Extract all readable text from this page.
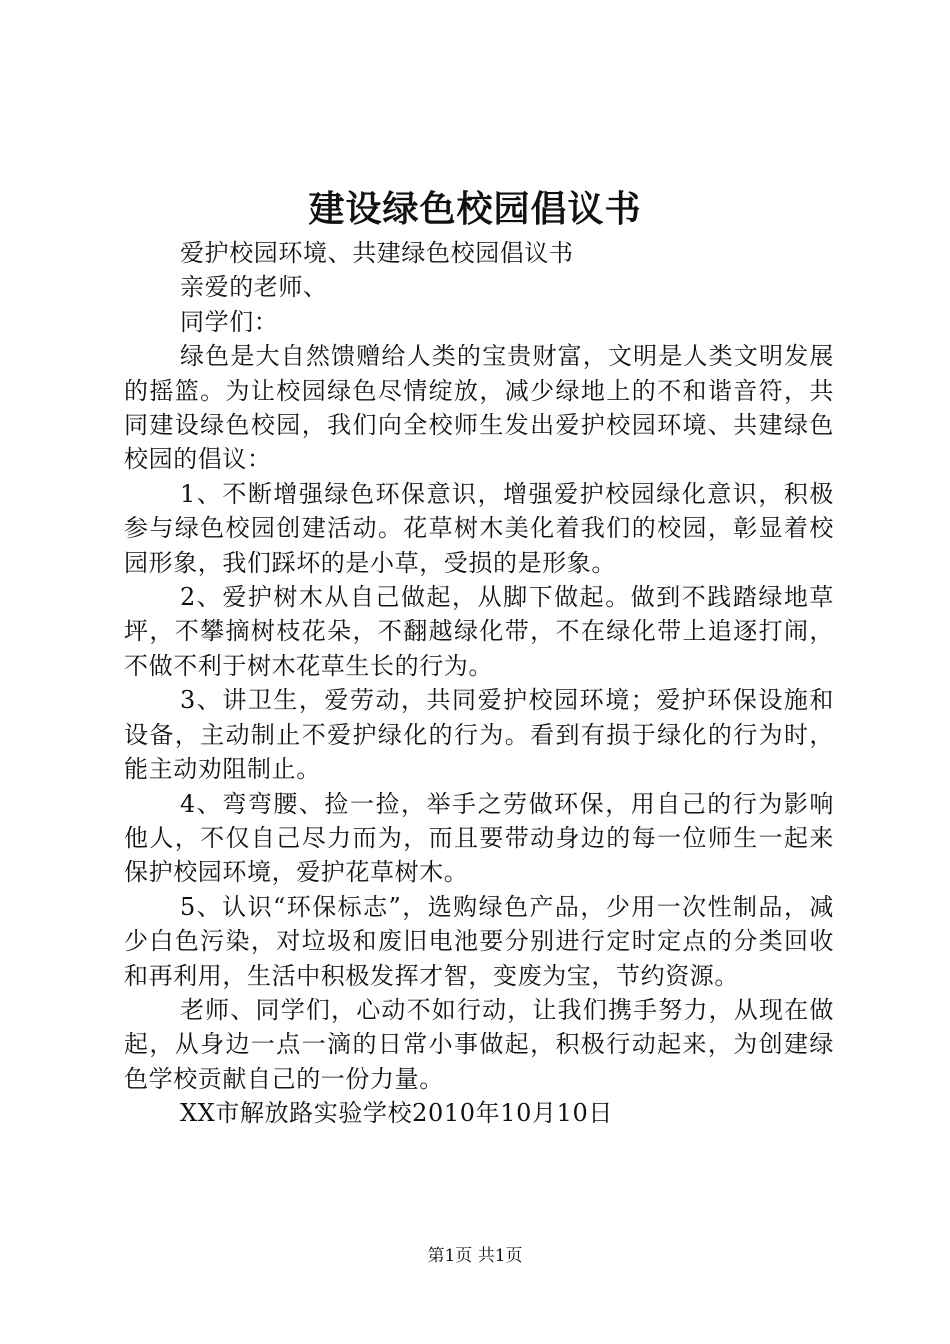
建设绿色校园倡议书

爱护校园环境、共建绿色校园倡议书

亲爱的老师、

同学们：

绿色是大自然馈赠给人类的宝贵财富，文明是人类文明发展的摇篮。为让校园绿色尽情绽放，减少绿地上的不和谐音符，共同建设绿色校园，我们向全校师生发出爱护校园环境、共建绿色校园的倡议：

1、不断增强绿色环保意识，增强爱护校园绿化意识，积极参与绿色校园创建活动。花草树木美化着我们的校园，彰显着校园形象，我们踩坏的是小草，受损的是形象。

2、爱护树木从自己做起，从脚下做起。做到不践踏绿地草坪，不攀摘树枝花朵，不翻越绿化带，不在绿化带上追逐打闹，不做不利于树木花草生长的行为。

3、讲卫生，爱劳动，共同爱护校园环境；爱护环保设施和设备，主动制止不爱护绿化的行为。看到有损于绿化的行为时，能主动劝阻制止。

4、弯弯腰、捡一捡，举手之劳做环保，用自己的行为影响他人，不仅自己尽力而为，而且要带动身边的每一位师生一起来保护校园环境，爱护花草树木。

5、认识“环保标志”，选购绿色产品，少用一次性制品，减少白色污染，对垃圾和废旧电池要分别进行定时定点的分类回收和再利用，生活中积极发挥才智，变废为宝，节约资源。

老师、同学们，心动不如行动，让我们携手努力，从现在做起，从身边一点一滴的日常小事做起，积极行动起来，为创建绿色学校贡献自己的一份力量。

XX市解放路实验学校2010年10月10日

第1页 共1页
